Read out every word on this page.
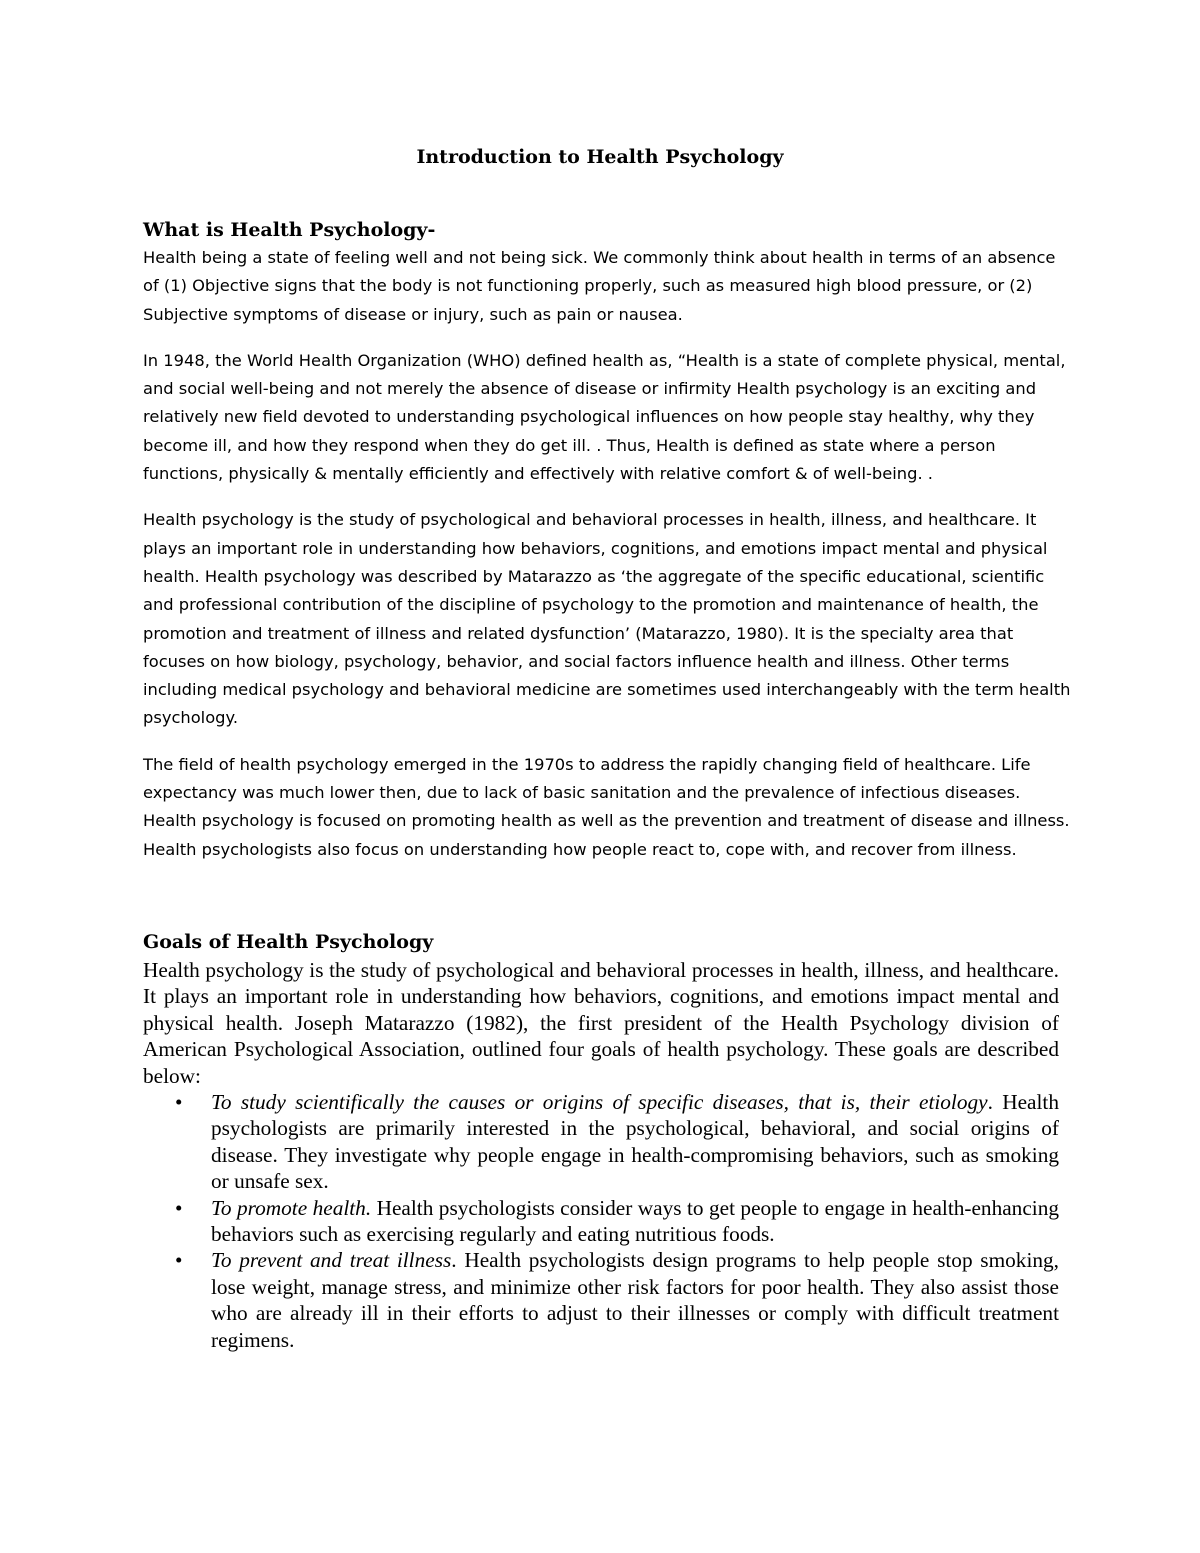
Introduction to Health Psychology
What is Health Psychology-

Health being a state of feeling well and not being sick. We commonly think about health in terms of an absence of (1) Objective signs that the body is not functioning properly, such as measured high blood pressure, or (2) Subjective symptoms of disease or injury, such as pain or nausea.

In 1948, the World Health Organization (WHO) defined health as, “Health is a state of complete physical, mental, and social well-being and not merely the absence of disease or infirmity Health psychology is an exciting and relatively new field devoted to understanding psychological influences on how people stay healthy, why they become ill, and how they respond when they do get ill. . Thus, Health is defined as state where a person functions, physically & mentally efficiently and effectively with relative comfort & of well-being. .

Health psychology is the study of psychological and behavioral processes in health, illness, and healthcare. It plays an important role in understanding how behaviors, cognitions, and emotions impact mental and physical health. Health psychology was described by Matarazzo as ‘the aggregate of the specific educational, scientific and professional contribution of the discipline of psychology to the promotion and maintenance of health, the promotion and treatment of illness and related dysfunction’ (Matarazzo, 1980). It is the specialty area that focuses on how biology, psychology, behavior, and social factors influence health and illness. Other terms including medical psychology and behavioral medicine are sometimes used interchangeably with the term health psychology.

The field of health psychology emerged in the 1970s to address the rapidly changing field of healthcare. Life expectancy was much lower then, due to lack of basic sanitation and the prevalence of infectious diseases. Health psychology is focused on promoting health as well as the prevention and treatment of disease and illness. Health psychologists also focus on understanding how people react to, cope with, and recover from illness.

Goals of Health Psychology

Health psychology is the study of psychological and behavioral processes in health, illness, and healthcare. It plays an important role in understanding how behaviors, cognitions, and emotions impact mental and physical health. Joseph Matarazzo (1982), the first president of the Health Psychology division of American Psychological Association, outlined four goals of health psychology. These goals are described below:

• To study scientifically the causes or origins of specific diseases, that is, their etiology. Health psychologists are primarily interested in the psychological, behavioral, and social origins of disease. They investigate why people engage in health-compromising behaviors, such as smoking or unsafe sex.
• To promote health. Health psychologists consider ways to get people to engage in health-enhancing behaviors such as exercising regularly and eating nutritious foods.
• To prevent and treat illness. Health psychologists design programs to help people stop smoking, lose weight, manage stress, and minimize other risk factors for poor health. They also assist those who are already ill in their efforts to adjust to their illnesses or comply with difficult treatment regimens.
